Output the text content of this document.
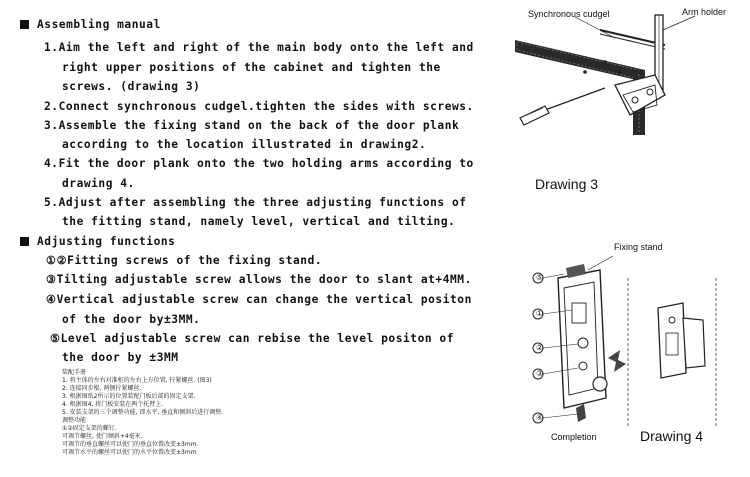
Assembling manual
1.Aim the left and right of the main body onto the left and
right upper positions of the cabinet and tighten the
screws. (drawing 3)
2.Connect synchronous cudgel.tighten the sides with screws.
3.Assemble the fixing stand on the back of the door plank
according to the location illustrated in drawing2.
4.Fit the door plank onto the two holding arms according to
drawing 4.
5.Adjust after assembling the three adjusting functions of
the fitting stand, namely level, vertical and tilting.
Adjusting functions
①②Fitting screws of the fixing stand.
③Tilting adjustable screw allows the door to slant at+4MM.
④Vertical adjustable screw can change the vertical positon
of the door by±3MM.
⑤Level adjustable screw can rebise the level positon of
the door by ±3MM
装配手册
1. 将主体的左右对准柜的左右上方位置, 拧紧螺丝. (图3)
2. 连接同步棍, 两侧拧紧螺丝.
3. 根据图纸2所示的位置装配门板后部的固定支架.
4. 根据图4, 将门板安装在两个托臂上.
5. 安装支架的三个调整功能, 即水平, 垂直和倾斜后进行调整.
调整功能
①②固定支架的螺钉.
可调节螺丝, 使门倾斜+4毫米.
可调节的垂直螺丝可以使门的垂直位置改变±3mm.
可调节水平的螺丝可以使门的水平位置改变±3mm
Synchronous cudgel	Arm holder
Drawing 3
Fixing stand
⑤
①
②
③
④
Completion	Drawing 4
